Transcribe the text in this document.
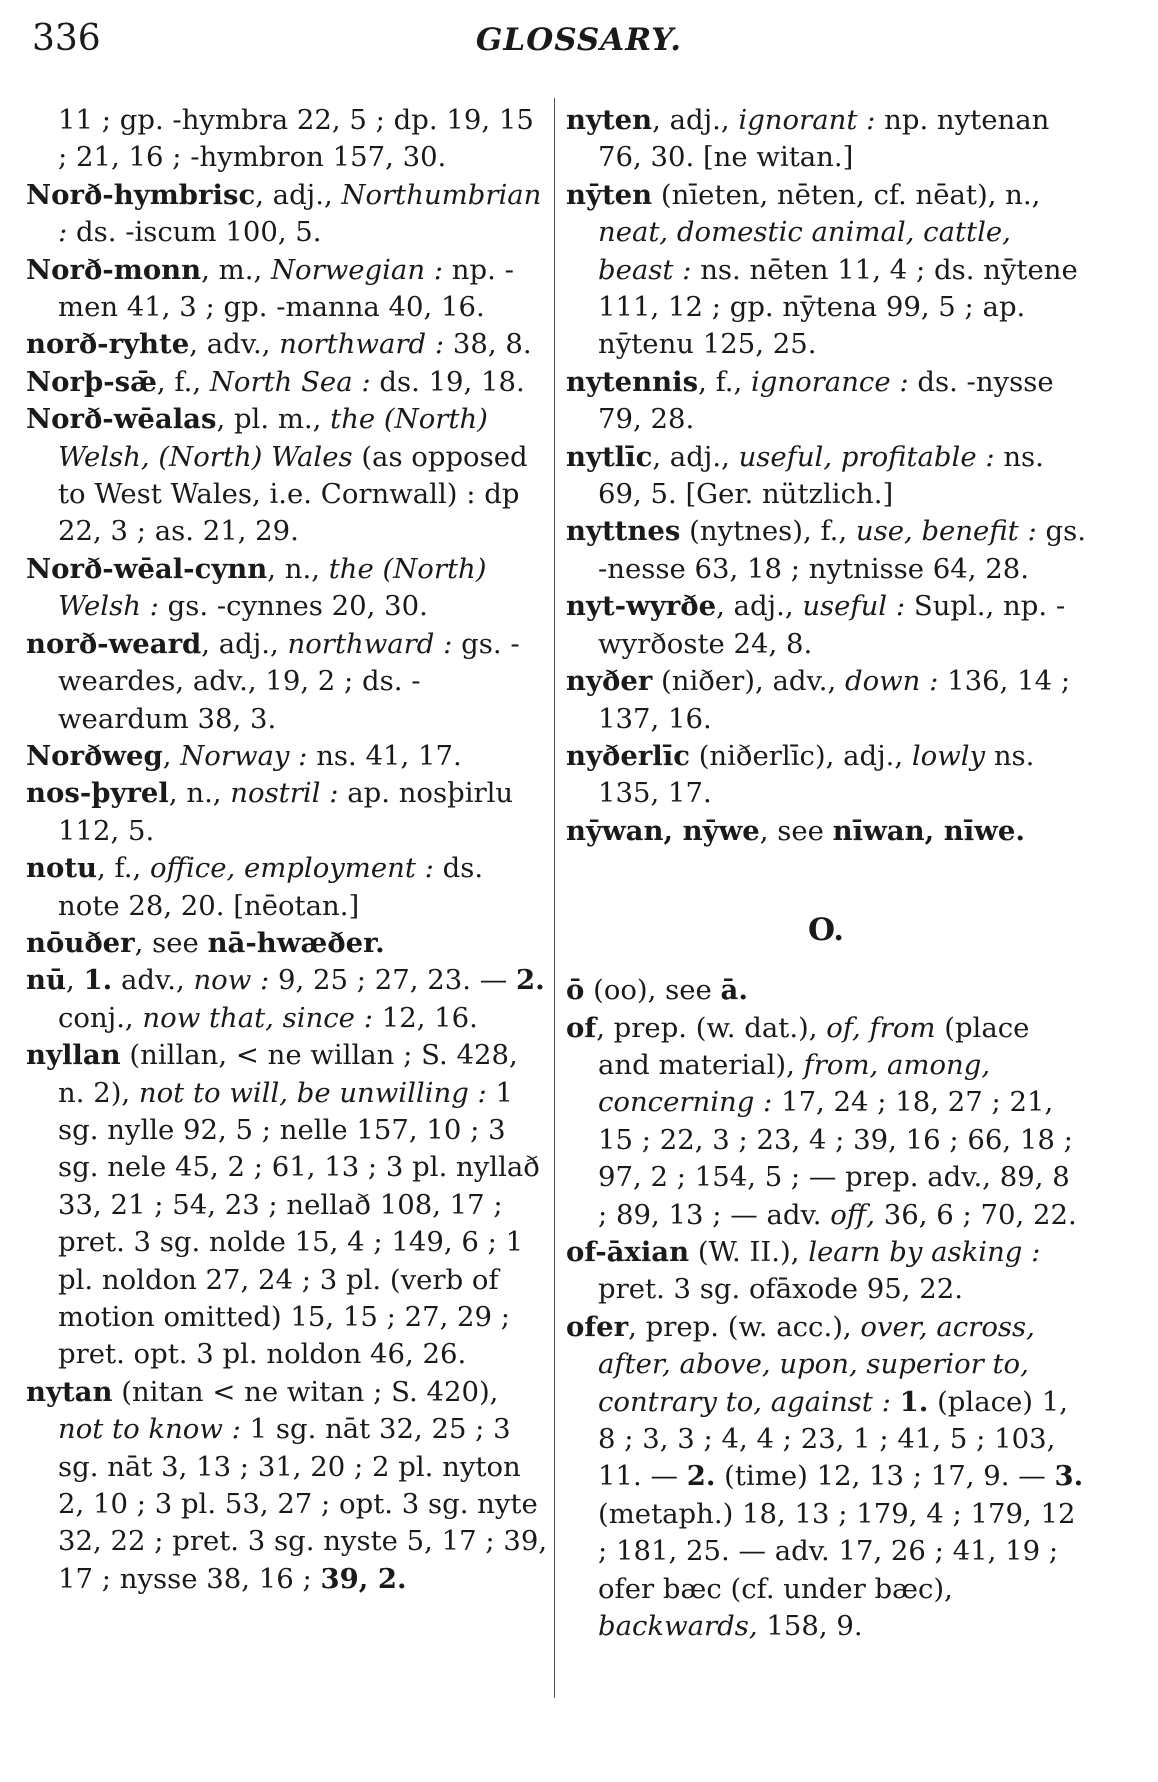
336	GLOSSARY.

11 ; gp. -hymbra 22, 5 ; dp. 19, 15 ; 21, 16 ; -hymbron 157, 30.

Norð-hymbrisc, adj., Northumbrian : ds. -iscum 100, 5.

Norð-monn, m., Norwegian : np. -men 41, 3 ; gp. -manna 40, 16.

norð-ryhte, adv., northward : 38, 8.

Norþ-sǣ, f., North Sea : ds. 19, 18.

Norð-wēalas, pl. m., the (North) Welsh, (North) Wales (as opposed to West Wales, i.e. Cornwall) : dp 22, 3 ; as. 21, 29.

Norð-wēal-cynn, n., the (North) Welsh : gs. -cynnes 20, 30.

norð-weard, adj., northward : gs. -weardes, adv., 19, 2 ; ds. -weardum 38, 3.

Norðweg, Norway : ns. 41, 17.

nos-þyrel, n., nostril : ap. nosþirlu 112, 5.

notu, f., office, employment : ds. note 28, 20. [nēotan.]

nōuðer, see nā-hwæðer.

nū, 1. adv., now : 9, 25 ; 27, 23. — 2. conj., now that, since : 12, 16.

nyllan (nillan, < ne willan ; S. 428, n. 2), not to will, be unwilling : 1 sg. nylle 92, 5 ; nelle 157, 10 ; 3 sg. nele 45, 2 ; 61, 13 ; 3 pl. nyllað 33, 21 ; 54, 23 ; nellað 108, 17 ; pret. 3 sg. nolde 15, 4 ; 149, 6 ; 1 pl. noldon 27, 24 ; 3 pl. (verb of motion omitted) 15, 15 ; 27, 29 ; pret. opt. 3 pl. noldon 46, 26.

nytan (nitan < ne witan ; S. 420), not to know : 1 sg. nāt 32, 25 ; 3 sg. nāt 3, 13 ; 31, 20 ; 2 pl. nyton 2, 10 ; 3 pl. 53, 27 ; opt. 3 sg. nyte 32, 22 ; pret. 3 sg. nyste 5, 17 ; 39, 17 ; nysse 38, 16 ; 39, 2.

nyten, adj., ignorant : np. nytenan 76, 30. [ne witan.]

nȳten (nīeten, nēten, cf. nēat), n., neat, domestic animal, cattle, beast : ns. nēten 11, 4 ; ds. nȳtene 111, 12 ; gp. nȳtena 99, 5 ; ap. nȳtenu 125, 25.

nytennis, f., ignorance : ds. -nysse 79, 28.

nytlīc, adj., useful, profitable : ns. 69, 5. [Ger. nützlich.]

nyttnes (nytnes), f., use, benefit : gs. -nesse 63, 18 ; nytnisse 64, 28.

nyt-wyrðe, adj., useful : Supl., np. -wyrðoste 24, 8.

nyðer (niðer), adv., down : 136, 14 ; 137, 16.

nyðerlīc (niðerlīc), adj., lowly ns. 135, 17.

nȳwan, nȳwe, see nīwan, nīwe.

O.

ō (oo), see ā.

of, prep. (w. dat.), of, from (place and material), from, among, concerning : 17, 24 ; 18, 27 ; 21, 15 ; 22, 3 ; 23, 4 ; 39, 16 ; 66, 18 ; 97, 2 ; 154, 5 ; — prep. adv., 89, 8 ; 89, 13 ; — adv. off, 36, 6 ; 70, 22.

of-āxian (W. II.), learn by asking : pret. 3 sg. ofāxode 95, 22.

ofer, prep. (w. acc.), over, across, after, above, upon, superior to, contrary to, against : 1. (place) 1, 8 ; 3, 3 ; 4, 4 ; 23, 1 ; 41, 5 ; 103, 11. — 2. (time) 12, 13 ; 17, 9. — 3. (metaph.) 18, 13 ; 179, 4 ; 179, 12 ; 181, 25. — adv. 17, 26 ; 41, 19 ; ofer bæc (cf. under bæc), backwards, 158, 9.
